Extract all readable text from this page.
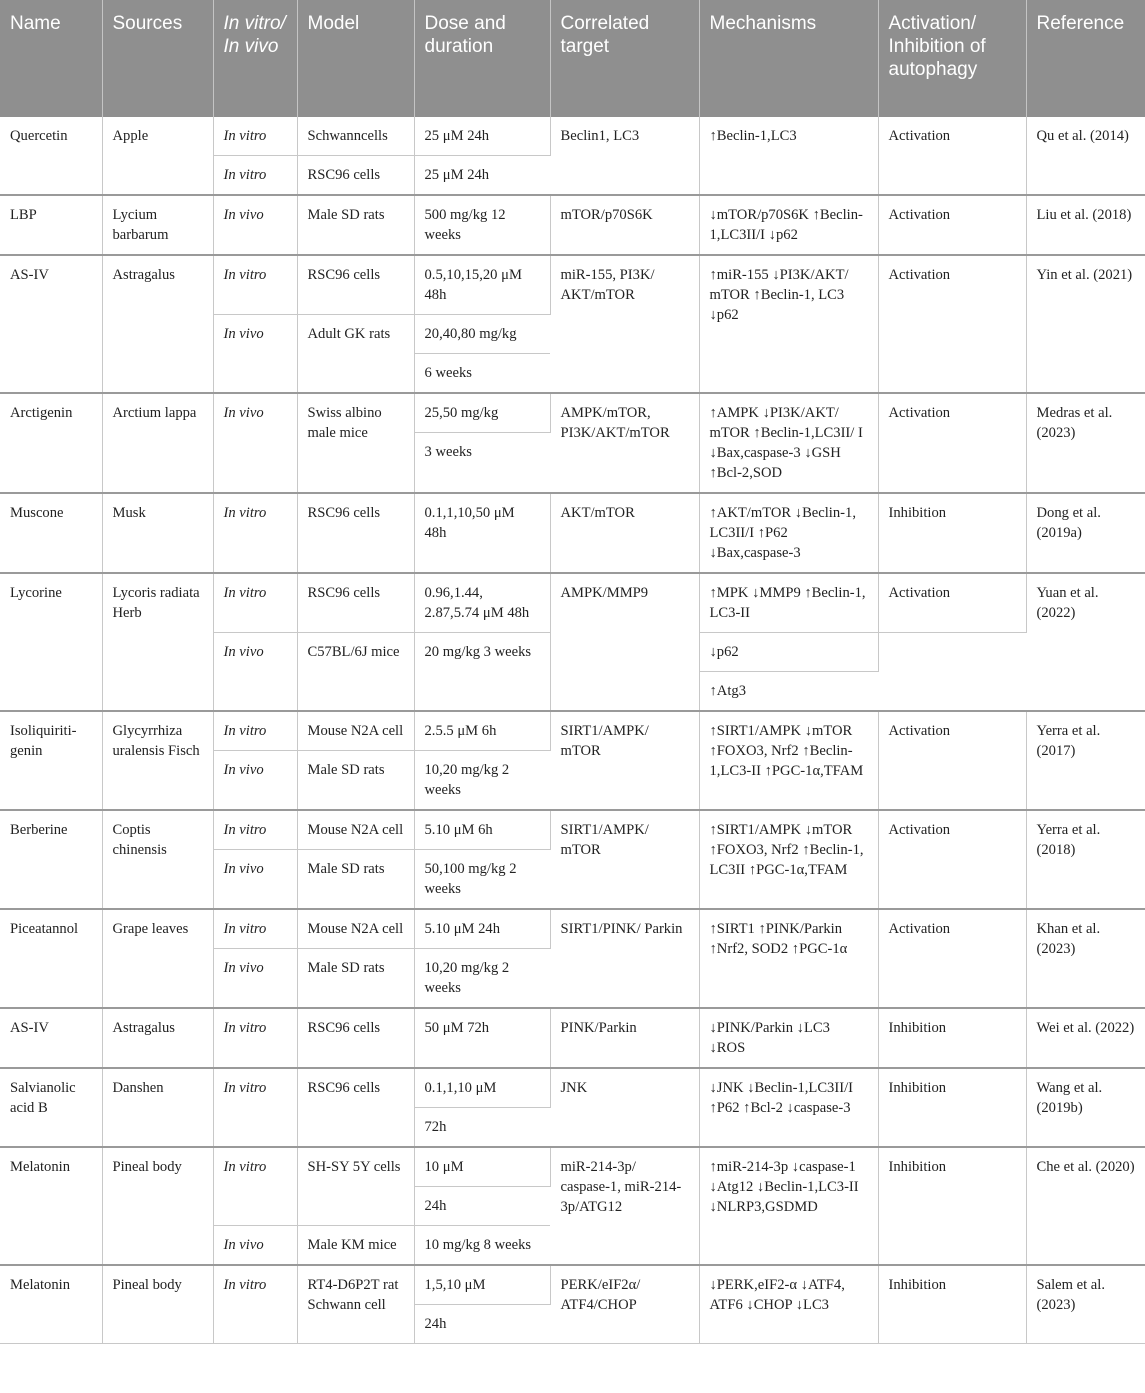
Name	Sources	In vitro/ In vivo	Model	Dose and duration	Correlated target	Mechanisms	Activation/ Inhibition of autophagy	Reference
Quercetin	Apple	In vitro	Schwanncells	25 μM 24h	Beclin1, LC3	↑Beclin-1,LC3	Activation	Qu et al. (2014)
		In vitro	RSC96 cells	25 μM 24h				
LBP	Lycium barbarum	In vivo	Male SD rats	500 mg/kg 12 weeks	mTOR/p70S6K	↓mTOR/p70S6K ↑Beclin-1,LC3II/I ↓p62	Activation	Liu et al. (2018)
AS-IV	Astragalus	In vitro	RSC96 cells	0.5,10,15,20 μM 48h	miR-155, PI3K/ AKT/mTOR	↑miR-155 ↓PI3K/AKT/ mTOR ↑Beclin-1, LC3 ↓p62	Activation	Yin et al. (2021)
		In vivo	Adult GK rats	20,40,80 mg/kg				
				6 weeks				
Arctigenin	Arctium lappa	In vivo	Swiss albino male mice	25,50 mg/kg	AMPK/mTOR, PI3K/AKT/mTOR	↑AMPK ↓PI3K/AKT/ mTOR ↑Beclin-1,LC3II/ I ↓Bax,caspase-3 ↓GSH ↑Bcl-2,SOD	Activation	Medras et al. (2023)
				3 weeks				
Muscone	Musk	In vitro	RSC96 cells	0.1,1,10,50 μM 48h	AKT/mTOR	↑AKT/mTOR ↓Beclin-1, LC3II/I ↑P62 ↓Bax,caspase-3	Inhibition	Dong et al. (2019a)
Lycorine	Lycoris radiata Herb	In vitro	RSC96 cells	0.96,1.44, 2.87,5.74 μM 48h	AMPK/MMP9	↑MPK ↓MMP9 ↑Beclin-1, LC3-II	Activation	Yuan et al. (2022)
		In vivo	C57BL/6J mice	20 mg/kg 3 weeks		↓p62		
						↑Atg3		
Isoliquiriti-genin	Glycyrrhiza uralensis Fisch	In vitro	Mouse N2A cell	2.5.5 μM 6h	SIRT1/AMPK/ mTOR	↑SIRT1/AMPK ↓mTOR ↑FOXO3, Nrf2 ↑Beclin-1,LC3-II ↑PGC-1α,TFAM	Activation	Yerra et al. (2017)
		In vivo	Male SD rats	10,20 mg/kg 2 weeks				
Berberine	Coptis chinensis	In vitro	Mouse N2A cell	5.10 μM 6h	SIRT1/AMPK/ mTOR	↑SIRT1/AMPK ↓mTOR ↑FOXO3, Nrf2 ↑Beclin-1, LC3II ↑PGC-1α,TFAM	Activation	Yerra et al. (2018)
		In vivo	Male SD rats	50,100 mg/kg 2 weeks				
Piceatannol	Grape leaves	In vitro	Mouse N2A cell	5.10 μM 24h	SIRT1/PINK/ Parkin	↑SIRT1 ↑PINK/Parkin ↑Nrf2, SOD2 ↑PGC-1α	Activation	Khan et al. (2023)
		In vivo	Male SD rats	10,20 mg/kg 2 weeks				
AS-IV	Astragalus	In vitro	RSC96 cells	50 μM 72h	PINK/Parkin	↓PINK/Parkin ↓LC3 ↓ROS	Inhibition	Wei et al. (2022)
Salvianolic acid B	Danshen	In vitro	RSC96 cells	0.1,1,10 μM	JNK	↓JNK ↓Beclin-1,LC3II/I ↑P62 ↑Bcl-2 ↓caspase-3	Inhibition	Wang et al. (2019b)
				72h				
Melatonin	Pineal body	In vitro	SH-SY 5Y cells	10 μM	miR-214-3p/ caspase-1, miR-214-3p/ATG12	↑miR-214-3p ↓caspase-1 ↓Atg12 ↓Beclin-1,LC3-II ↓NLRP3,GSDMD	Inhibition	Che et al. (2020)
				24h				
		In vivo	Male KM mice	10 mg/kg 8 weeks				
Melatonin	Pineal body	In vitro	RT4-D6P2T rat Schwann cell	1,5,10 μM	PERK/eIF2α/ ATF4/CHOP	↓PERK,eIF2-α ↓ATF4, ATF6 ↓CHOP ↓LC3	Inhibition	Salem et al. (2023)
				24h				
